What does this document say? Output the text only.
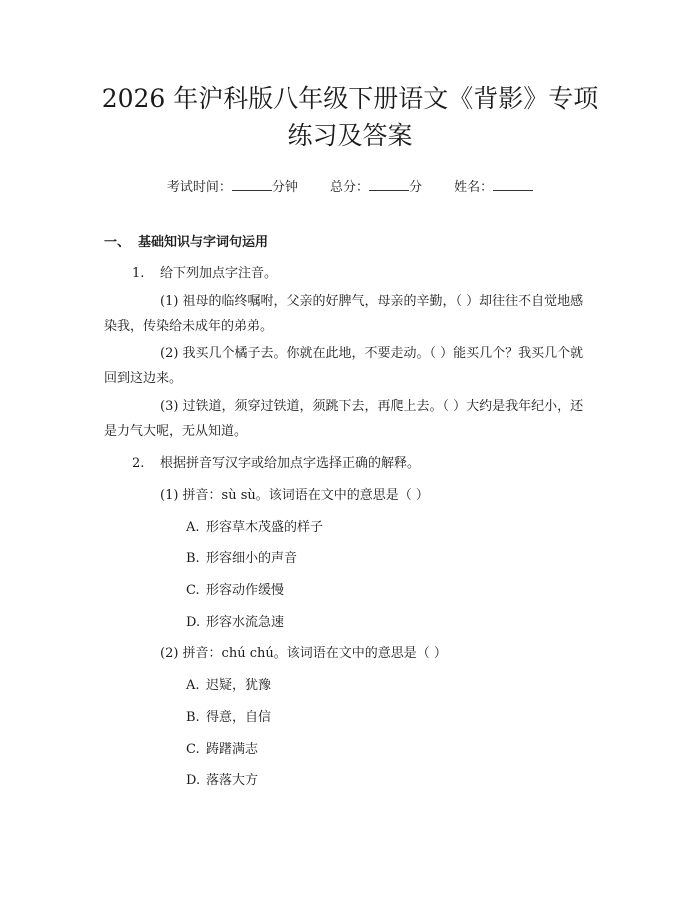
2026 年沪科版八年级下册语文《背影》专项
练习及答案
考试时间：	分钟 总分：	分 姓名：
一、 基础知识与字词句运用
1. 给下列加点字注音。
(1) 祖母的临终嘱咐，父亲的好脾气，母亲的辛勤，（ ）却往往不自觉地感染我，传染给未成年的弟弟。
(2) 我买几个橘子去。你就在此地，不要走动。（ ）能买几个？我买几个就回到这边来。
(3) 过铁道，须穿过铁道，须跳下去，再爬上去。（ ）大约是我年纪小，还是力气大呢，无从知道。
2. 根据拼音写汉字或给加点字选择正确的解释。
(1) 拼音：sù sù。该词语在文中的意思是（ ）
A. 形容草木茂盛的样子
B. 形容细小的声音
C. 形容动作缓慢
D. 形容水流急速
(2) 拼音：chú chú。该词语在文中的意思是（ ）
A. 迟疑，犹豫
B. 得意，自信
C. 踌躇满志
D. 落落大方
